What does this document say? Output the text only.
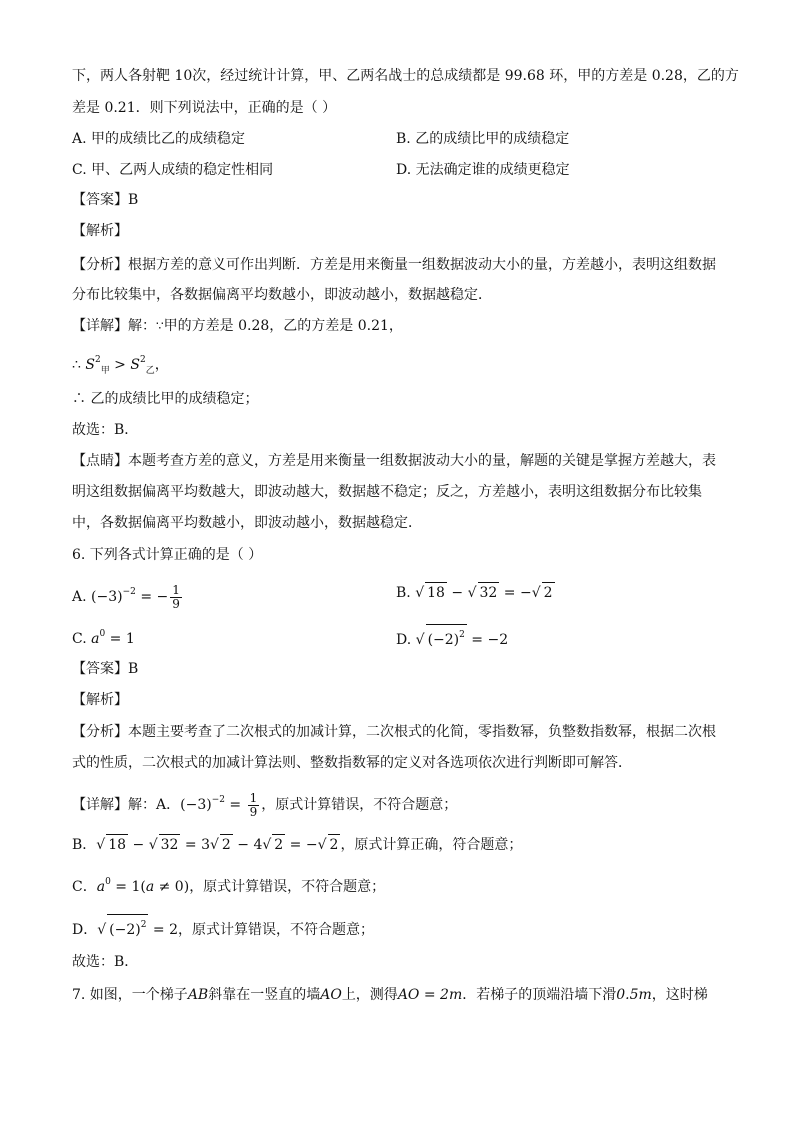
下，两人各射靶 10次，经过统计计算，甲、乙两名战士的总成绩都是 99.68 环，甲的方差是 0.28，乙的方
差是 0.21．则下列说法中，正确的是（ ）
A. 甲的成绩比乙的成绩稳定	B. 乙的成绩比甲的成绩稳定
C. 甲、乙两人成绩的稳定性相同	D. 无法确定谁的成绩更稳定
【答案】B
【解析】
【分析】根据方差的意义可作出判断．方差是用来衡量一组数据波动大小的量，方差越小，表明这组数据
分布比较集中，各数据偏离平均数越小，即波动越小，数据越稳定．
【详解】解：∵甲的方差是 0.28，乙的方差是 0.21，
∴ $S^2_甲 > S^2_乙$，
∴ 乙的成绩比甲的成绩稳定；
故选：B．
【点睛】本题考查方差的意义，方差是用来衡量一组数据波动大小的量，解题的关键是掌握方差越大，表
明这组数据偏离平均数越大，即波动越大，数据越不稳定；反之，方差越小，表明这组数据分布比较集
中，各数据偏离平均数越小，即波动越小，数据越稳定．
6. 下列各式计算正确的是（ ）
A. $(-3)^{-2}$ = − $\frac{1}{9}$	B. √ 18 − √ 32 = −√ 2
C. $a^0 = 1$	D. √ $(-2)^2 = -2$
【答案】B
【解析】
【分析】本题主要考查了二次根式的加减计算，二次根式的化简，零指数幂，负整数指数幂，根据二次根
式的性质，二次根式的加减计算法则、整数指数幂的定义对各选项依次进行判断即可解答．
【详解】解：A．$(-3)^{-2} = \frac{1}{9}$ ，原式计算错误，不符合题意；
B．√ 18 − √ 32 = 3√ 2 − 4√ 2 = −√ 2 ，原式计算正确，符合题意；
C．$a^0 = 1(a \ne 0)$，原式计算错误，不符合题意；
D．√ $(-2)^2 = 2$，原式计算错误，不符合题意；
故选：B．
7. 如图，一个梯子AB斜靠在一竖直的墙AO上，测得AO = 2m．若梯子的顶端沿墙下滑0.5m，这时梯
